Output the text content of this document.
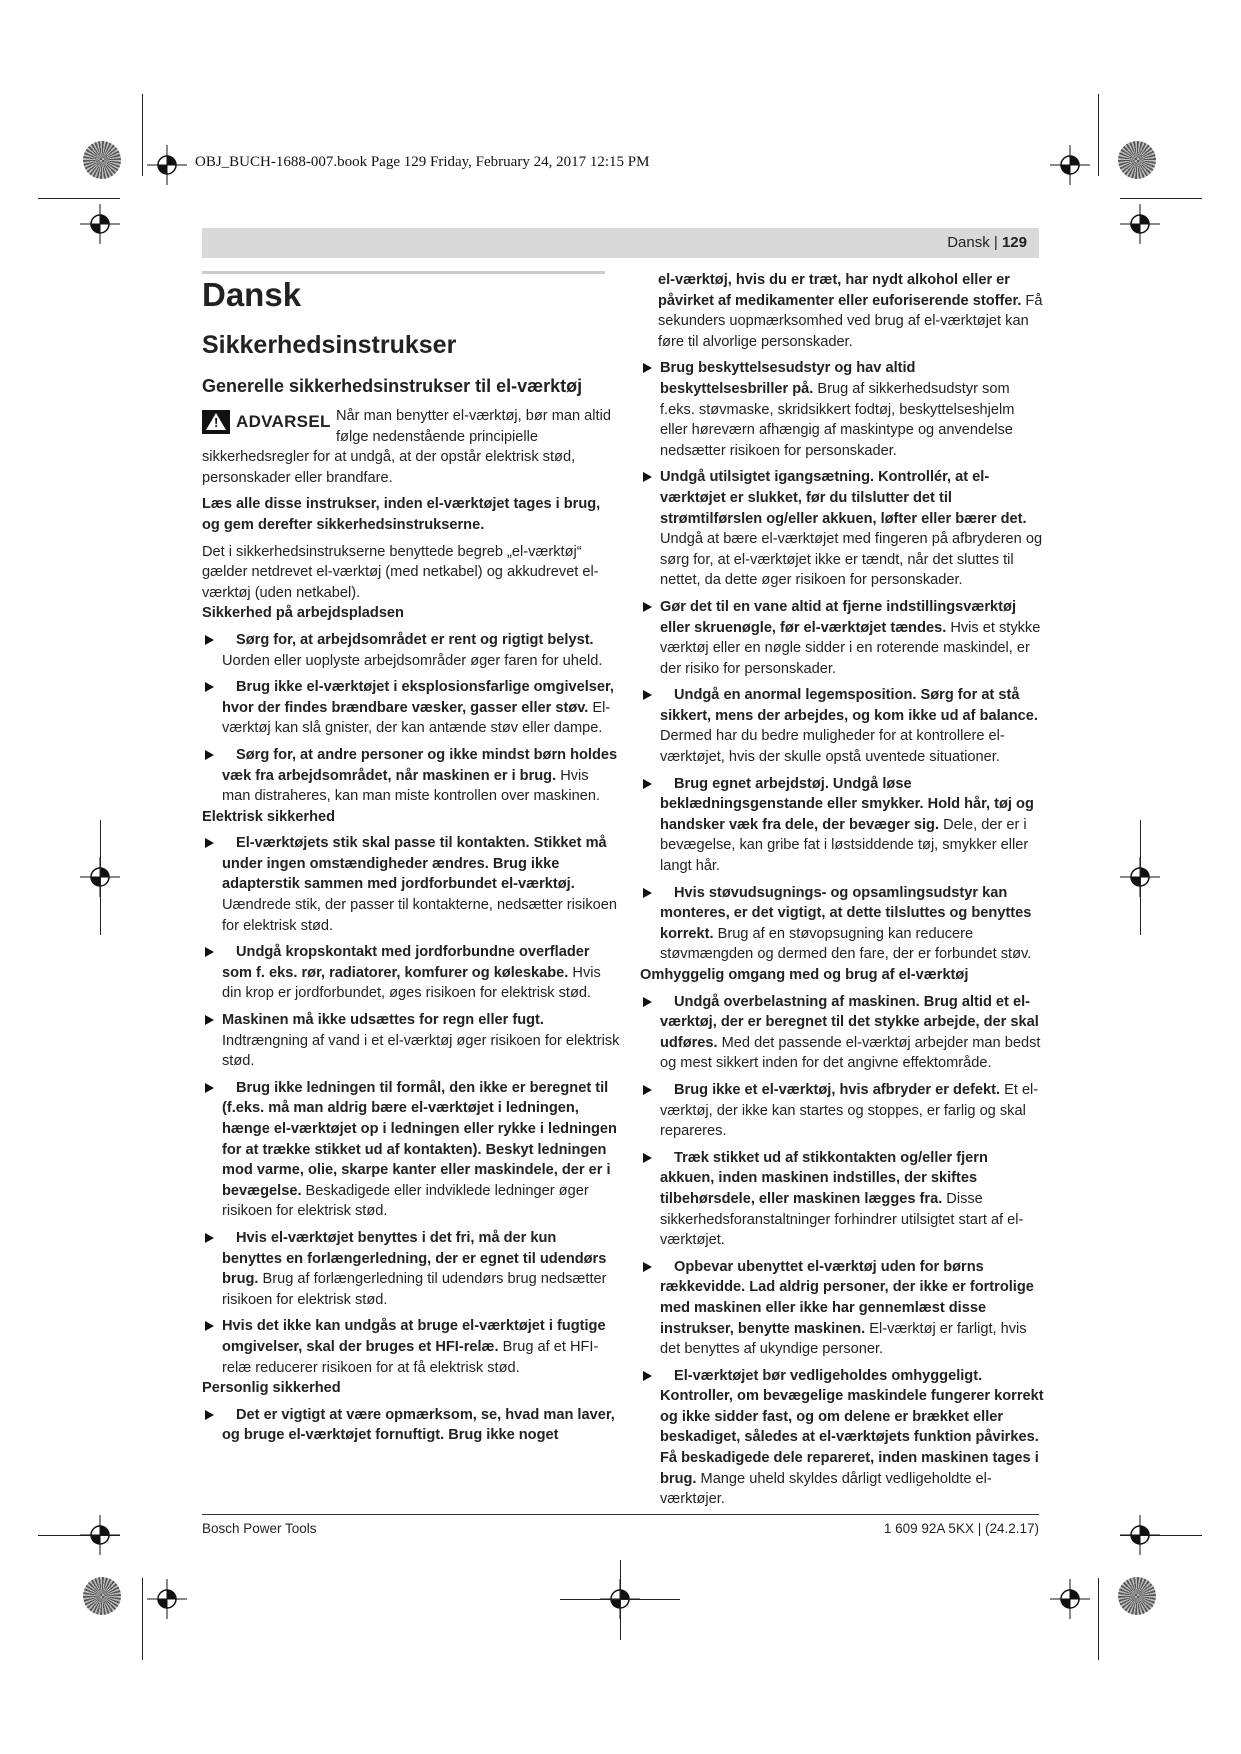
OBJ_BUCH-1688-007.book Page 129 Friday, February 24, 2017 12:15 PM
Dansk | 129
Dansk
Sikkerhedsinstrukser
Generelle sikkerhedsinstrukser til el-værktøj
! ADVARSEL Når man benytter el-værktøj, bør man altid følge nedenstående principielle sikkerhedsregler for at undgå, at der opstår elektrisk stød, personskader eller brandfare.

Læs alle disse instrukser, inden el-værktøjet tages i brug, og gem derefter sikkerhedsinstrukserne.

Det i sikkerhedsinstrukserne benyttede begreb „el-værktøj“ gælder netdrevet el-værktøj (med netkabel) og akkudrevet el-værktøj (uden netkabel).

Sikkerhed på arbejdspladsen

Sørg for, at arbejdsområdet er rent og rigtigt belyst. Uorden eller uoplyste arbejdsområder øger faren for uheld.
Brug ikke el-værktøjet i eksplosionsfarlige omgivelser, hvor der findes brændbare væsker, gasser eller støv. El-værktøj kan slå gnister, der kan antænde støv eller dampe.
Sørg for, at andre personer og ikke mindst børn holdes væk fra arbejdsområdet, når maskinen er i brug. Hvis man distraheres, kan man miste kontrollen over maskinen.

Elektrisk sikkerhed

El-værktøjets stik skal passe til kontakten. Stikket må under ingen omstændigheder ændres. Brug ikke adapterstik sammen med jordforbundet el-værktøj. Uændrede stik, der passer til kontakterne, nedsætter risikoen for elektrisk stød.
Undgå kropskontakt med jordforbundne overflader som f. eks. rør, radiatorer, komfurer og køleskabe. Hvis din krop er jordforbundet, øges risikoen for elektrisk stød.
Maskinen må ikke udsættes for regn eller fugt. Indtrængning af vand i et el-værktøj øger risikoen for elektrisk stød.
Brug ikke ledningen til formål, den ikke er beregnet til (f.eks. må man aldrig bære el-værktøjet i ledningen, hænge el-værktøjet op i ledningen eller rykke i ledningen for at trække stikket ud af kontakten). Beskyt ledningen mod varme, olie, skarpe kanter eller maskindele, der er i bevægelse. Beskadigede eller indviklede ledninger øger risikoen for elektrisk stød.
Hvis el-værktøjet benyttes i det fri, må der kun benyttes en forlængerledning, der er egnet til udendørs brug. Brug af forlængerledning til udendørs brug nedsætter risikoen for elektrisk stød.
Hvis det ikke kan undgås at bruge el-værktøjet i fugtige omgivelser, skal der bruges et HFI-relæ. Brug af et HFI-relæ reducerer risikoen for at få elektrisk stød.

Personlig sikkerhed

Det er vigtigt at være opmærksom, se, hvad man laver, og bruge el-værktøjet fornuftigt. Brug ikke noget

el-værktøj, hvis du er træt, har nydt alkohol eller er påvirket af medikamenter eller euforiserende stoffer. Få sekunders uopmærksomhed ved brug af el-værktøjet kan føre til alvorlige personskader.

Brug beskyttelsesudstyr og hav altid beskyttelsesbriller på. Brug af sikkerhedsudstyr som f.eks. støvmaske, skridsikkert fodtøj, beskyttelseshjelm eller høreværn afhængig af maskintype og anvendelse nedsætter risikoen for personskader.
Undgå utilsigtet igangsætning. Kontrollér, at el-værktøjet er slukket, før du tilslutter det til strømtilførslen og/eller akkuen, løfter eller bærer det. Undgå at bære el-værktøjet med fingeren på afbryderen og sørg for, at el-værktøjet ikke er tændt, når det sluttes til nettet, da dette øger risikoen for personskader.
Gør det til en vane altid at fjerne indstillingsværktøj eller skruenøgle, før el-værktøjet tændes. Hvis et stykke værktøj eller en nøgle sidder i en roterende maskindel, er der risiko for personskader.
Undgå en anormal legemsposition. Sørg for at stå sikkert, mens der arbejdes, og kom ikke ud af balance. Dermed har du bedre muligheder for at kontrollere el-værktøjet, hvis der skulle opstå uventede situationer.
Brug egnet arbejdstøj. Undgå løse beklædningsgenstande eller smykker. Hold hår, tøj og handsker væk fra dele, der bevæger sig. Dele, der er i bevægelse, kan gribe fat i løstsiddende tøj, smykker eller langt hår.
Hvis støvudsugnings- og opsamlingsudstyr kan monteres, er det vigtigt, at dette tilsluttes og benyttes korrekt. Brug af en støvopsugning kan reducere støvmængden og dermed den fare, der er forbundet støv.

Omhyggelig omgang med og brug af el-værktøj

Undgå overbelastning af maskinen. Brug altid et el-værktøj, der er beregnet til det stykke arbejde, der skal udføres. Med det passende el-værktøj arbejder man bedst og mest sikkert inden for det angivne effektområde.
Brug ikke et el-værktøj, hvis afbryder er defekt. Et el-værktøj, der ikke kan startes og stoppes, er farlig og skal repareres.
Træk stikket ud af stikkontakten og/eller fjern akkuen, inden maskinen indstilles, der skiftes tilbehørsdele, eller maskinen lægges fra. Disse sikkerhedsforanstaltninger forhindrer utilsigtet start af el-værktøjet.
Opbevar ubenyttet el-værktøj uden for børns rækkevidde. Lad aldrig personer, der ikke er fortrolige med maskinen eller ikke har gennemlæst disse instrukser, benytte maskinen. El-værktøj er farligt, hvis det benyttes af ukyndige personer.
El-værktøjet bør vedligeholdes omhyggeligt. Kontroller, om bevægelige maskindele fungerer korrekt og ikke sidder fast, og om delene er brækket eller beskadiget, således at el-værktøjets funktion påvirkes. Få beskadigede dele repareret, inden maskinen tages i brug. Mange uheld skyldes dårligt vedligeholdte el-værktøjer.
Bosch Power Tools	1 609 92A 5KX | (24.2.17)
